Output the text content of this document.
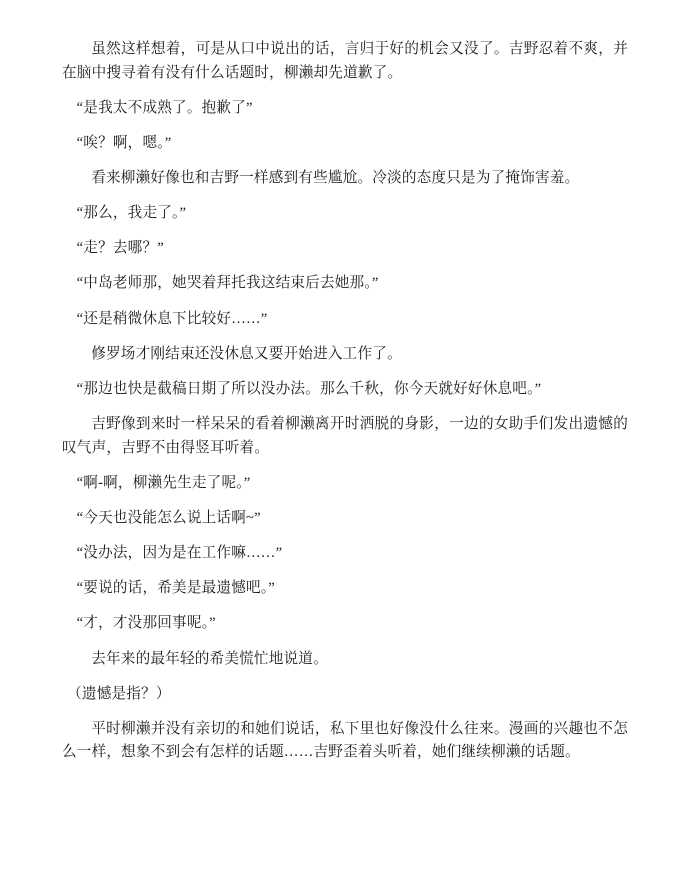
虽然这样想着，可是从口中说出的话，言归于好的机会又没了。吉野忍着不爽，并在脑中搜寻着有没有什么话题时，柳濑却先道歉了。

“是我太不成熟了。抱歉了”

“唉？啊，嗯。”

看来柳濑好像也和吉野一样感到有些尴尬。冷淡的态度只是为了掩饰害羞。

“那么，我走了。”

“走？去哪？”

“中岛老师那，她哭着拜托我这结束后去她那。”

“还是稍微休息下比较好……”

修罗场才刚结束还没休息又要开始进入工作了。

“那边也快是截稿日期了所以没办法。那么千秋，你今天就好好休息吧。”

吉野像到来时一样呆呆的看着柳濑离开时洒脱的身影，一边的女助手们发出遗憾的叹气声，吉野不由得竖耳听着。

“啊-啊，柳濑先生走了呢。”

“今天也没能怎么说上话啊~”

“没办法，因为是在工作嘛……”

“要说的话，希美是最遗憾吧。”

“才，才没那回事呢。”

去年来的最年轻的希美慌忙地说道。

（遗憾是指？）

平时柳濑并没有亲切的和她们说话，私下里也好像没什么往来。漫画的兴趣也不怎么一样，想象不到会有怎样的话题……吉野歪着头听着，她们继续柳濑的话题。
